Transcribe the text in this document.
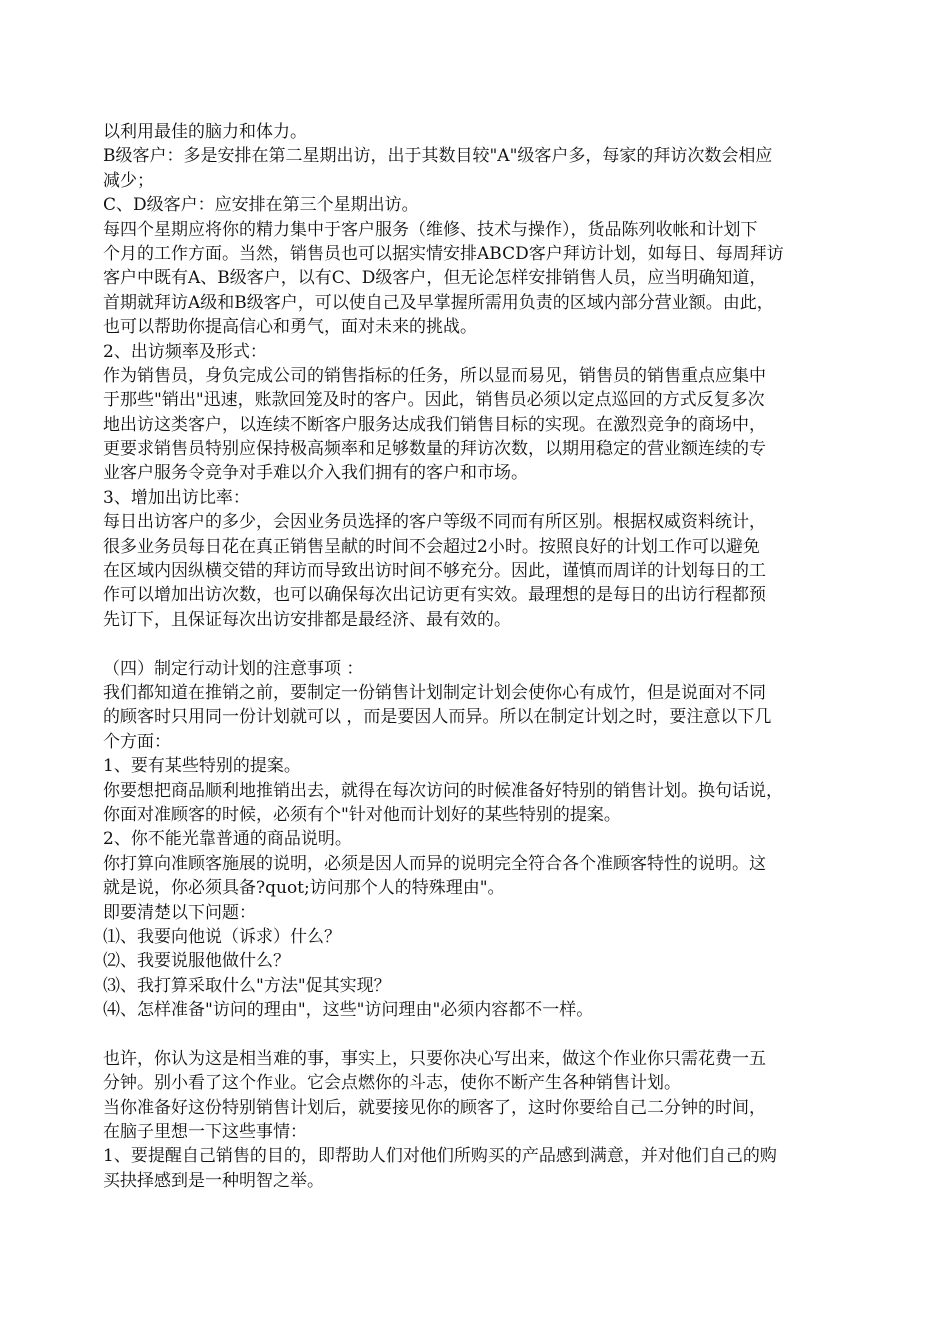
以利用最佳的脑力和体力。
B级客户：多是安排在第二星期出访，出于其数目较"A"级客户多，每家的拜访次数会相应
减少；
C、D级客户：应安排在第三个星期出访。
每四个星期应将你的精力集中于客户服务（维修、技术与操作），货品陈列收帐和计划下
个月的工作方面。当然，销售员也可以据实情安排ABCD客户拜访计划，如每日、每周拜访
客户中既有A、B级客户，以有C、D级客户，但无论怎样安排销售人员，应当明确知道，
首期就拜访A级和B级客户，可以使自己及早掌握所需用负责的区域内部分营业额。由此，
也可以帮助你提高信心和勇气，面对未来的挑战。
2、出访频率及形式：
作为销售员，身负完成公司的销售指标的任务，所以显而易见，销售员的销售重点应集中
于那些"销出"迅速，账款回笼及时的客户。因此，销售员必须以定点巡回的方式反复多次
地出访这类客户，以连续不断客户服务达成我们销售目标的实现。在激烈竞争的商场中，
更要求销售员特别应保持极高频率和足够数量的拜访次数，以期用稳定的营业额连续的专
业客户服务令竞争对手难以介入我们拥有的客户和市场。
3、增加出访比率：
每日出访客户的多少，会因业务员选择的客户等级不同而有所区别。根据权威资料统计，
很多业务员每日花在真正销售呈献的时间不会超过2小时。按照良好的计划工作可以避免
在区域内因纵横交错的拜访而导致出访时间不够充分。因此，谨慎而周详的计划每日的工
作可以增加出访次数，也可以确保每次出记访更有实效。最理想的是每日的出访行程都预
先订下，且保证每次出访安排都是最经济、最有效的。
（四）制定行动计划的注意事项 ：
我们都知道在推销之前，要制定一份销售计划制定计划会使你心有成竹，但是说面对不同
的顾客时只用同一份计划就可以 ，而是要因人而异。所以在制定计划之时，要注意以下几
个方面：
1、要有某些特别的提案。
你要想把商品顺利地推销出去，就得在每次访问的时候准备好特别的销售计划。换句话说，
你面对准顾客的时候，必须有个"针对他而计划好的某些特别的提案。
2、你不能光靠普通的商品说明。
你打算向准顾客施展的说明，必须是因人而异的说明完全符合各个准顾客特性的说明。这
就是说，你必须具备?quot;访问那个人的特殊理由"。
即要清楚以下问题：
⑴、我要向他说（诉求）什么？
⑵、我要说服他做什么？
⑶、我打算采取什么"方法"促其实现？
⑷、怎样准备"访问的理由"，这些"访问理由"必须内容都不一样。
也许，你认为这是相当难的事，事实上，只要你决心写出来，做这个作业你只需花费一五
分钟。别小看了这个作业。它会点燃你的斗志，使你不断产生各种销售计划。
当你准备好这份特别销售计划后，就要接见你的顾客了，这时你要给自己二分钟的时间，
在脑子里想一下这些事情：
1、要提醒自己销售的目的，即帮助人们对他们所购买的产品感到满意，并对他们自己的购
买抉择感到是一种明智之举。
